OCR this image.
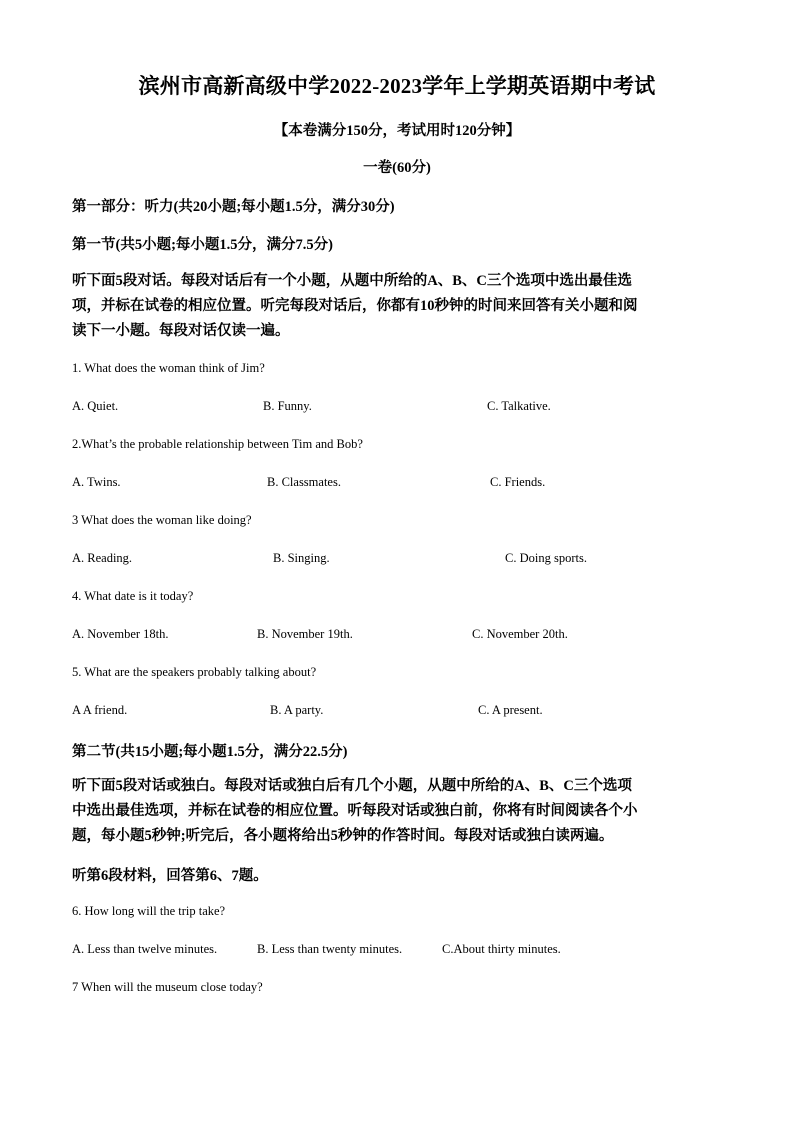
滨州市高新高级中学2022-2023学年上学期英语期中考试
【本卷满分150分，考试用时120分钟】
一卷(60分)
第一部分：听力(共20小题;每小题1.5分，满分30分)
第一节(共5小题;每小题1.5分，满分7.5分)
听下面5段对话。每段对话后有一个小题，从题中所给的A、B、C三个选项中选出最佳选
项，并标在试卷的相应位置。听完每段对话后，你都有10秒钟的时间来回答有关小题和阅
读下一小题。每段对话仅读一遍。
1. What does the woman think of Jim?
A. Quiet.	B. Funny.	C. Talkative.
2.What’s the probable relationship between Tim and Bob?
A. Twins.	B. Classmates.	C. Friends.
3 What does the woman like doing?
A. Reading.	B. Singing.	C. Doing sports.
4. What date is it today?
A. November 18th.	B. November 19th.	C. November 20th.
5. What are the speakers probably talking about?
A A friend.	B. A party.	C. A present.
第二节(共15小题;每小题1.5分，满分22.5分)
听下面5段对话或独白。每段对话或独白后有几个小题，从题中所给的A、B、C三个选项
中选出最佳选项，并标在试卷的相应位置。听每段对话或独白前，你将有时间阅读各个小
题，每小题5秒钟;听完后，各小题将给出5秒钟的作答时间。每段对话或独白读两遍。
听第6段材料，回答第6、7题。
6. How long will the trip take?
A. Less than twelve minutes.	B. Less than twenty minutes.	C.About thirty minutes.
7 When will the museum close today?
